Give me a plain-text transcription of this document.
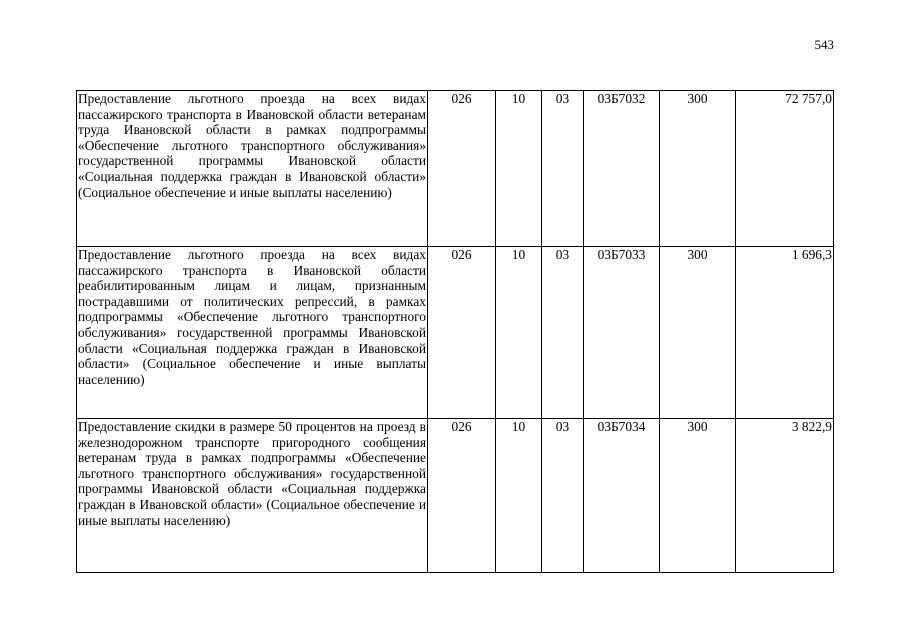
543
Предоставление льготного проезда на всех видах пассажирского транспорта в Ивановской области ветеранам труда Ивановской области в рамках подпрограммы «Обеспечение льготного транспортного обслуживания» государственной программы Ивановской области «Социальная поддержка граждан в Ивановской области» (Социальное обеспечение и иные выплаты населению)	026	10	03	03Б7032	300	72 757,0
Предоставление льготного проезда на всех видах пассажирского транспорта в Ивановской области реабилитированным лицам и лицам, признанным пострадавшими от политических репрессий, в рамках подпрограммы «Обеспечение льготного транспортного обслуживания» государственной программы Ивановской области «Социальная поддержка граждан в Ивановской области» (Социальное обеспечение и иные выплаты населению)	026	10	03	03Б7033	300	1 696,3
Предоставление скидки в размере 50 процентов на проезд в железнодорожном транспорте пригородного сообщения ветеранам труда в рамках подпрограммы «Обеспечение льготного транспортного обслуживания» государственной программы Ивановской области «Социальная поддержка граждан в Ивановской области» (Социальное обеспечение и иные выплаты населению)	026	10	03	03Б7034	300	3 822,9
